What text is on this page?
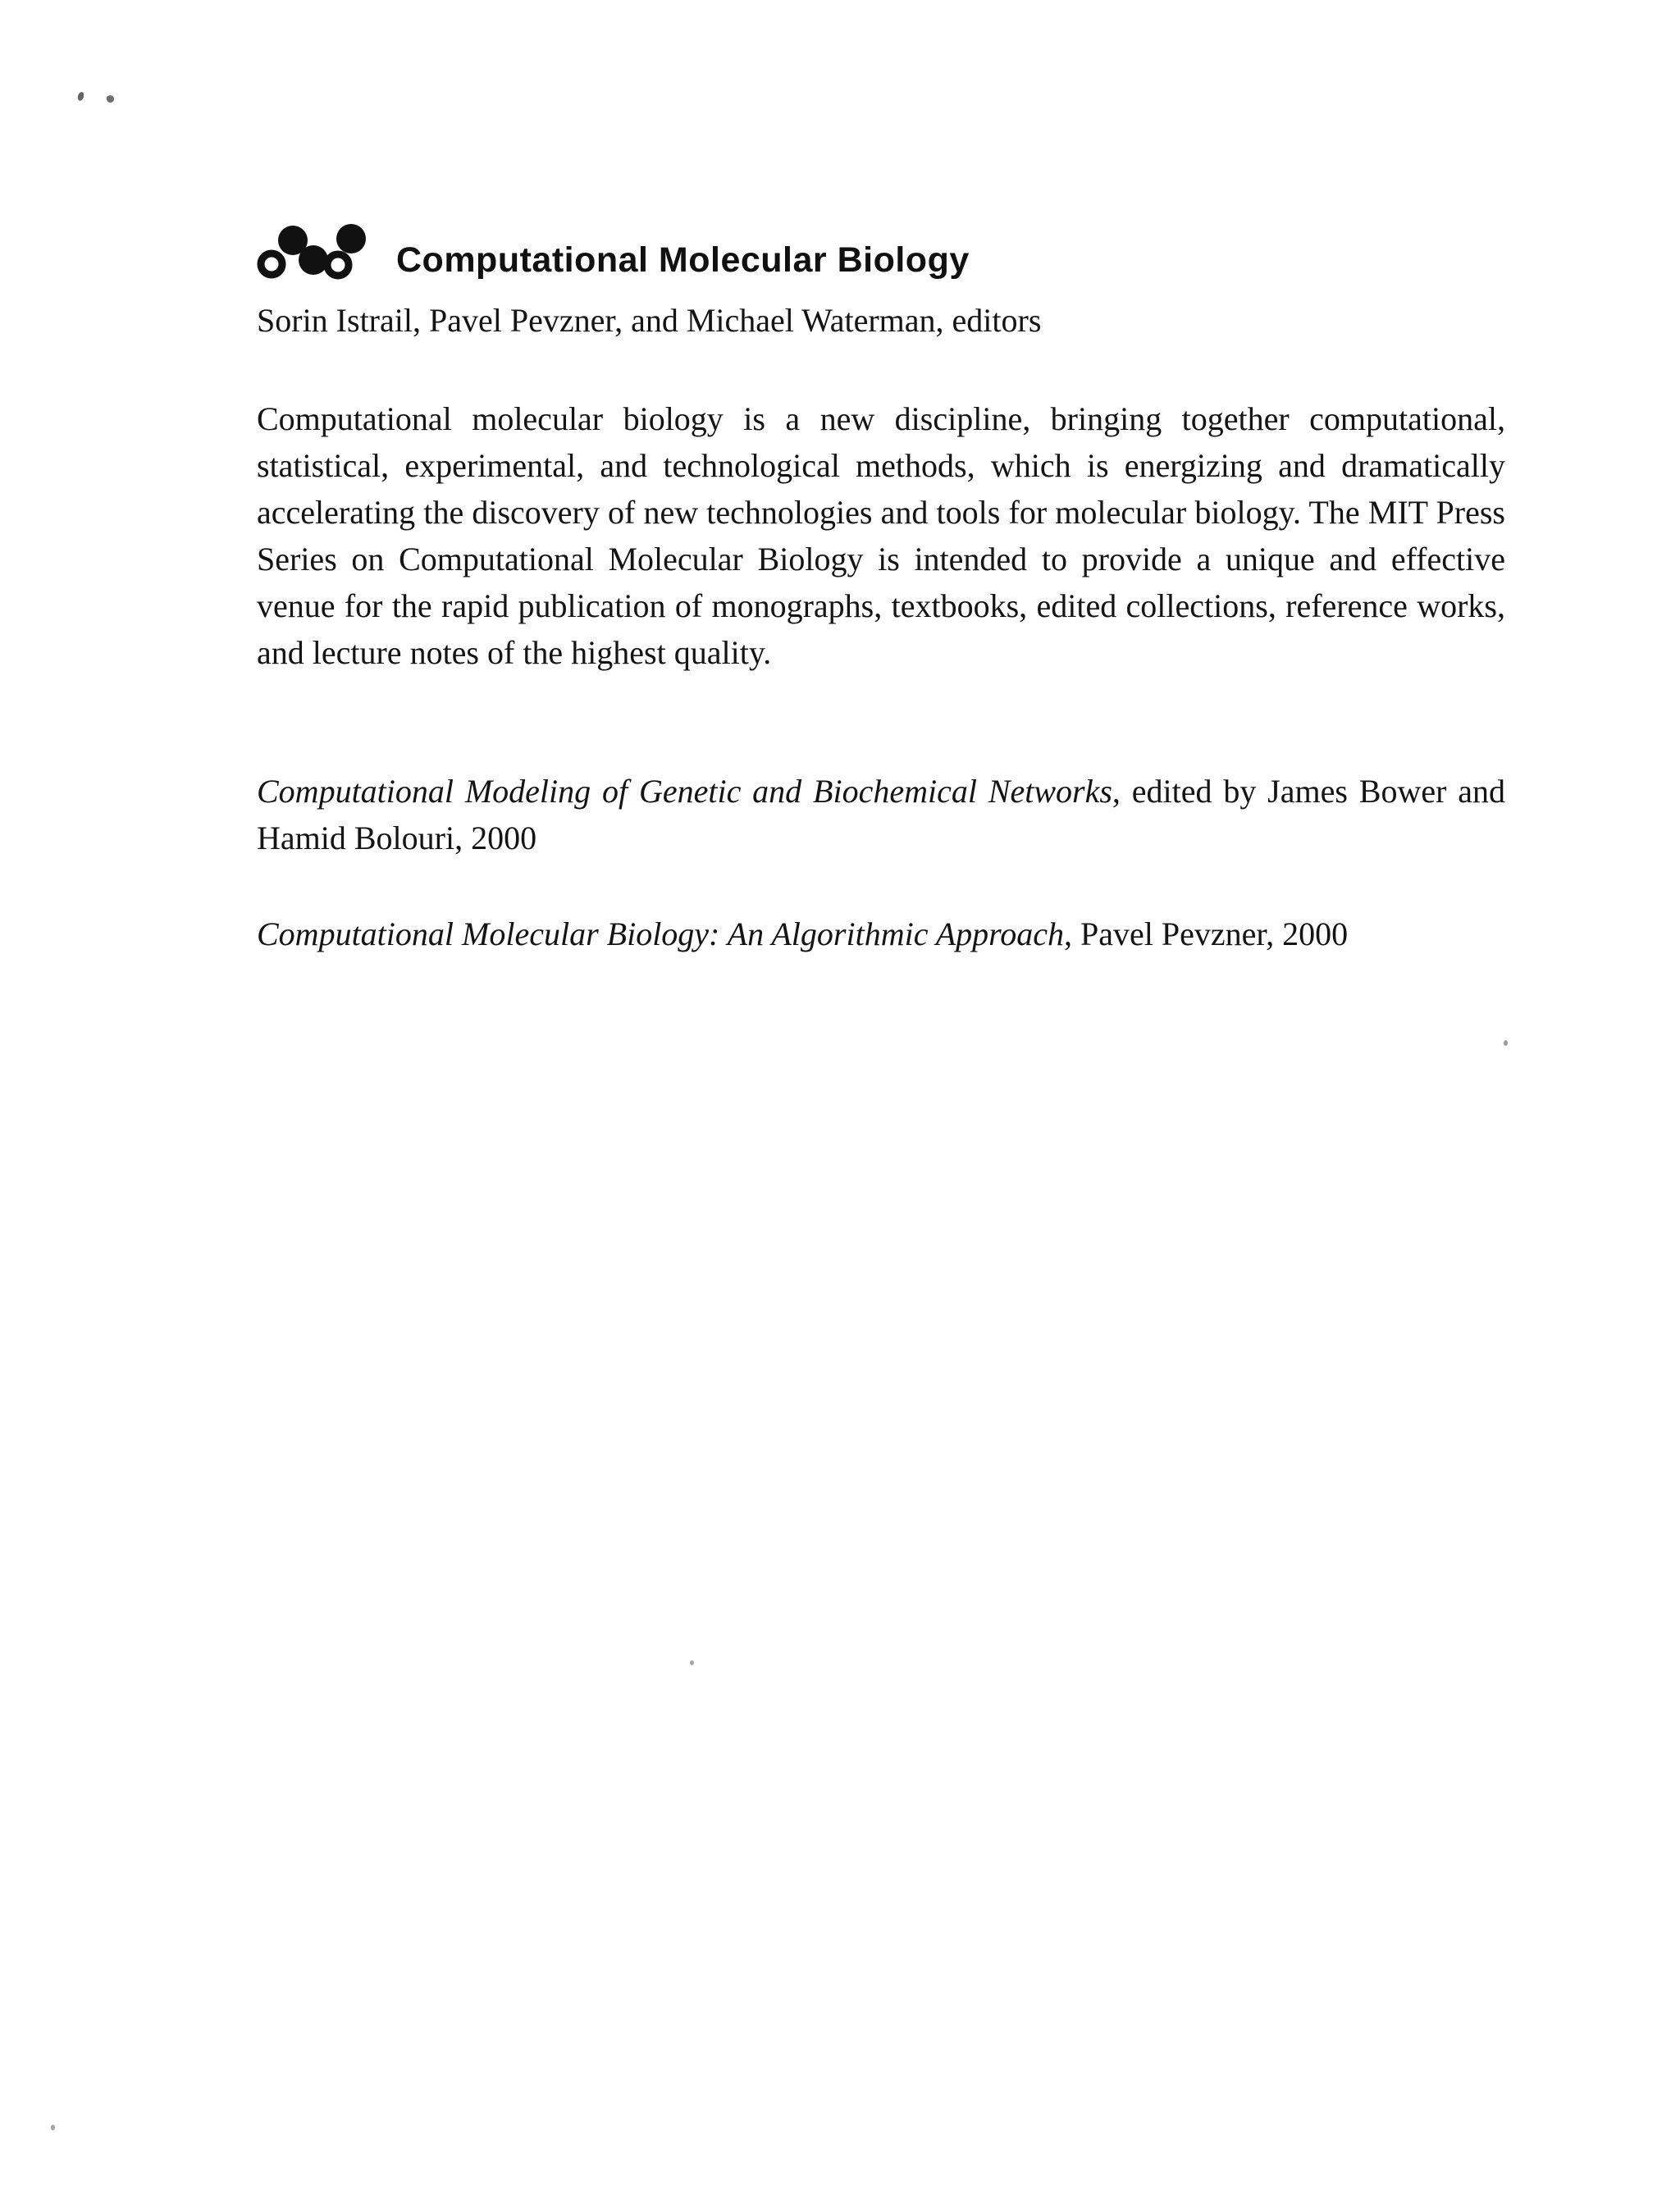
Computational Molecular Biology

Sorin Istrail, Pavel Pevzner, and Michael Waterman, editors

Computational molecular biology is a new discipline, bringing together computational, statistical, experimental, and technological methods, which is energizing and dramatically accelerating the discovery of new technologies and tools for molecular biology. The MIT Press Series on Computational Molecular Biology is intended to provide a unique and effective venue for the rapid publication of monographs, textbooks, edited collections, reference works, and lecture notes of the highest quality.

Computational Modeling of Genetic and Biochemical Networks, edited by James Bower and Hamid Bolouri, 2000

Computational Molecular Biology: An Algorithmic Approach, Pavel Pevzner, 2000
